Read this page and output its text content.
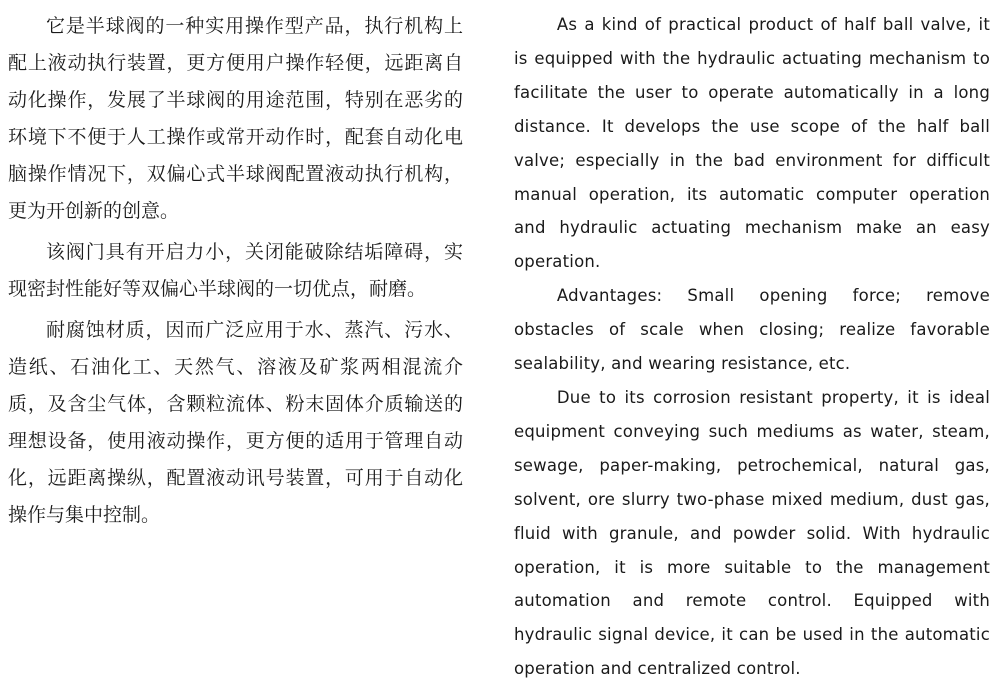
它是半球阀的一种实用操作型产品，执行机构上配上液动执行装置，更方便用户操作轻便，远距离自动化操作，发展了半球阀的用途范围，特别在恶劣的环境下不便于人工操作或常开动作时，配套自动化电脑操作情况下，双偏心式半球阀配置液动执行机构，更为开创新的创意。

该阀门具有开启力小，关闭能破除结垢障碍，实现密封性能好等双偏心半球阀的一切优点，耐磨。

耐腐蚀材质，因而广泛应用于水、蒸汽、污水、造纸、石油化工、天然气、溶液及矿浆两相混流介质，及含尘气体，含颗粒流体、粉末固体介质输送的理想设备，使用液动操作，更方便的适用于管理自动化，远距离操纵，配置液动讯号装置，可用于自动化操作与集中控制。

As a kind of practical product of half ball valve, it is equipped with the hydraulic actuating mechanism to facilitate the user to operate automatically in a long distance. It develops the use scope of the half ball valve; especially in the bad environment for difficult manual operation, its automatic computer operation and hydraulic actuating mechanism make an easy operation.

Advantages: Small opening force; remove obstacles of scale when closing; realize favorable sealability, and wearing resistance, etc.

Due to its corrosion resistant property, it is ideal equipment conveying such mediums as water, steam, sewage, paper-making, petrochemical, natural gas, solvent, ore slurry two-phase mixed medium, dust gas, fluid with granule, and powder solid. With hydraulic operation, it is more suitable to the management automation and remote control. Equipped with hydraulic signal device, it can be used in the automatic operation and centralized control.
